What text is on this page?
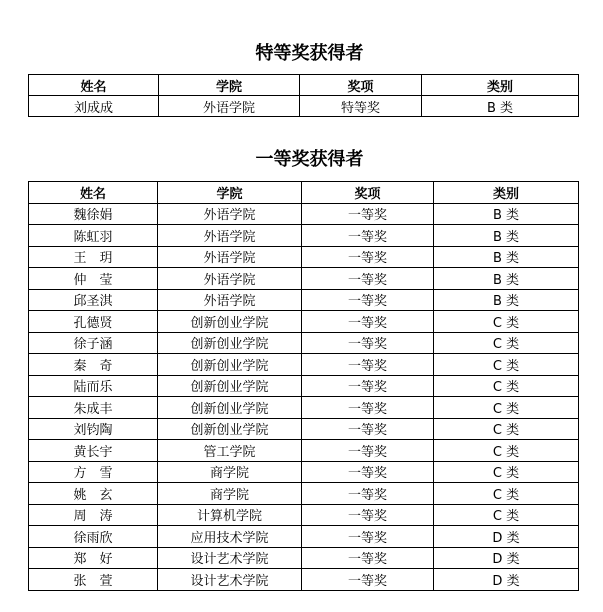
特等奖获得者
姓名	学院	奖项	类别
刘成成	外语学院	特等奖	B 类
一等奖获得者
姓名	学院	奖项	类别
魏徐娟	外语学院	一等奖	B 类
陈虹羽	外语学院	一等奖	B 类
王　玥	外语学院	一等奖	B 类
仲　莹	外语学院	一等奖	B 类
邱圣淇	外语学院	一等奖	B 类
孔德贤	创新创业学院	一等奖	C 类
徐子涵	创新创业学院	一等奖	C 类
秦　奇	创新创业学院	一等奖	C 类
陆而乐	创新创业学院	一等奖	C 类
朱成丰	创新创业学院	一等奖	C 类
刘钧陶	创新创业学院	一等奖	C 类
黄长宇	管工学院	一等奖	C 类
方　雪	商学院	一等奖	C 类
姚　玄	商学院	一等奖	C 类
周　涛	计算机学院	一等奖	C 类
徐雨欣	应用技术学院	一等奖	D 类
郑　好	设计艺术学院	一等奖	D 类
张　萱	设计艺术学院	一等奖	D 类
